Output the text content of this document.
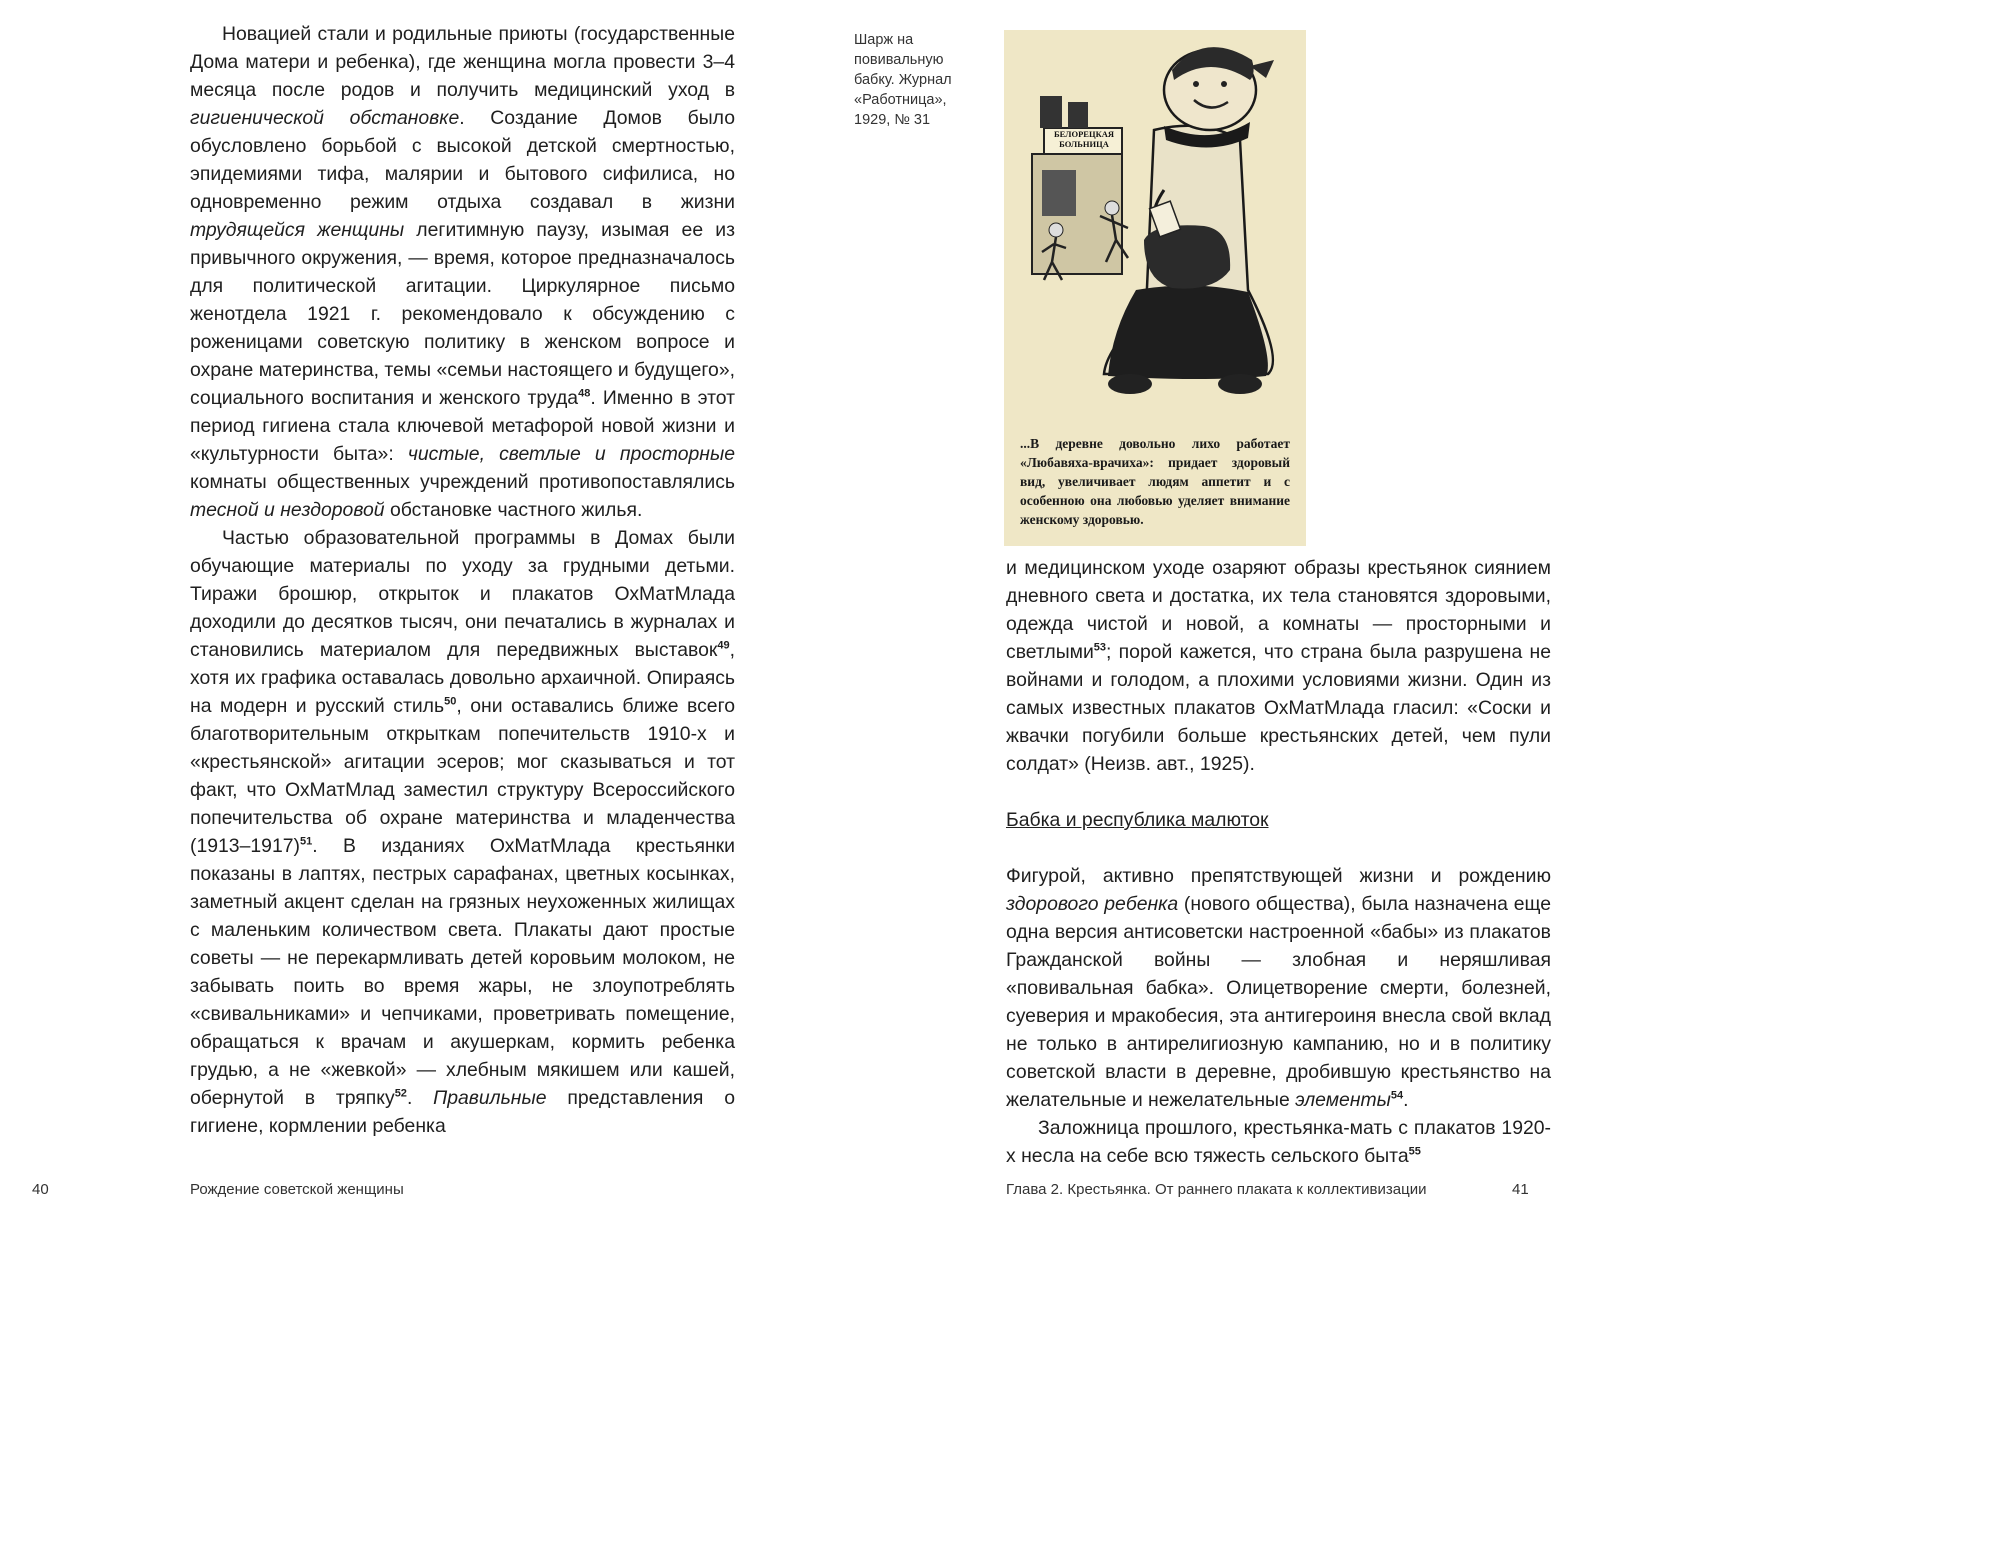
Новацией стали и родильные приюты (государственные Дома матери и ребенка), где женщина могла провести 3–4 месяца после родов и получить медицинский уход в гигиенической обстановке. Создание Домов было обусловлено борьбой с высокой детской смертностью, эпидемиями тифа, малярии и бытового сифилиса, но одновременно режим отдыха создавал в жизни трудящейся женщины легитимную паузу, изымая ее из привычного окружения, — время, которое предназначалось для политической агитации. Циркулярное письмо женотдела 1921 г. рекомендовало к обсуждению с роженицами советскую политику в женском вопросе и охране материнства, темы «семьи настоящего и будущего», социального воспитания и женского труда$^{48}$. Именно в этот период гигиена стала ключевой метафорой новой жизни и «культурности быта»: чистые, светлые и просторные комнаты общественных учреждений противопоставлялись тесной и нездоровой обстановке частного жилья.

Частью образовательной программы в Домах были обучающие материалы по уходу за грудными детьми. Тиражи брошюр, открыток и плакатов ОхМатМлада доходили до десятков тысяч, они печатались в журналах и становились материалом для передвижных выставок$^{49}$, хотя их графика оставалась довольно архаичной. Опираясь на модерн и русский стиль$^{50}$, они оставались ближе всего благотворительным открыткам попечительств 1910-х и «крестьянской» агитации эсеров; мог сказываться и тот факт, что ОхМатМлад заместил структуру Всероссийского попечительства об охране материнства и младенчества (1913–1917)$^{51}$. В изданиях ОхМатМлада крестьянки показаны в лаптях, пестрых сарафанах, цветных косынках, заметный акцент сделан на грязных неухоженных жилищах с маленьким количеством света. Плакаты дают простые советы — не перекармливать детей коровьим молоком, не забывать поить во время жары, не злоупотреблять «свивальниками» и чепчиками, проветривать помещение, обращаться к врачам и акушеркам, кормить ребенка грудью, а не «жевкой» — хлебным мякишем или кашей, обернутой в тряпку$^{52}$. Правильные представления о гигиене, кормлении ребенка

40	Рождение советской женщины
Шарж на повивальную бабку. Журнал «Работница», 1929, № 31
БЕЛОРЕЦКАЯ БОЛЬНИЦА
...В деревне довольно лихо работает «Любавяха-врачиха»: придает здоровый вид, увеличивает людям аппетит и с особенною она любовью уделяет внимание женскому здоровью.

и медицинском уходе озаряют образы крестьянок сиянием дневного света и достатка, их тела становятся здоровыми, одежда чистой и новой, а комнаты — просторными и светлыми$^{53}$; порой кажется, что страна была разрушена не войнами и голодом, а плохими условиями жизни. Один из самых известных плакатов ОхМатМлада гласил: «Соски и жвачки погубили больше крестьянских детей, чем пули солдат» (Неизв. авт., 1925).

Бабка и республика малюток

Фигурой, активно препятствующей жизни и рождению здорового ребенка (нового общества), была назначена еще одна версия антисоветски настроенной «бабы» из плакатов Гражданской войны — злобная и неряшливая «повивальная бабка». Олицетворение смерти, болезней, суеверия и мракобесия, эта антигероиня внесла свой вклад не только в антирелигиозную кампанию, но и в политику советской власти в деревне, дробившую крестьянство на желательные и нежелательные элементы$^{54}$.

Заложница прошлого, крестьянка-мать с плакатов 1920-х несла на себе всю тяжесть сельского быта$^{55}$

Глава 2. Крестьянка. От раннего плаката к коллективизации	41
